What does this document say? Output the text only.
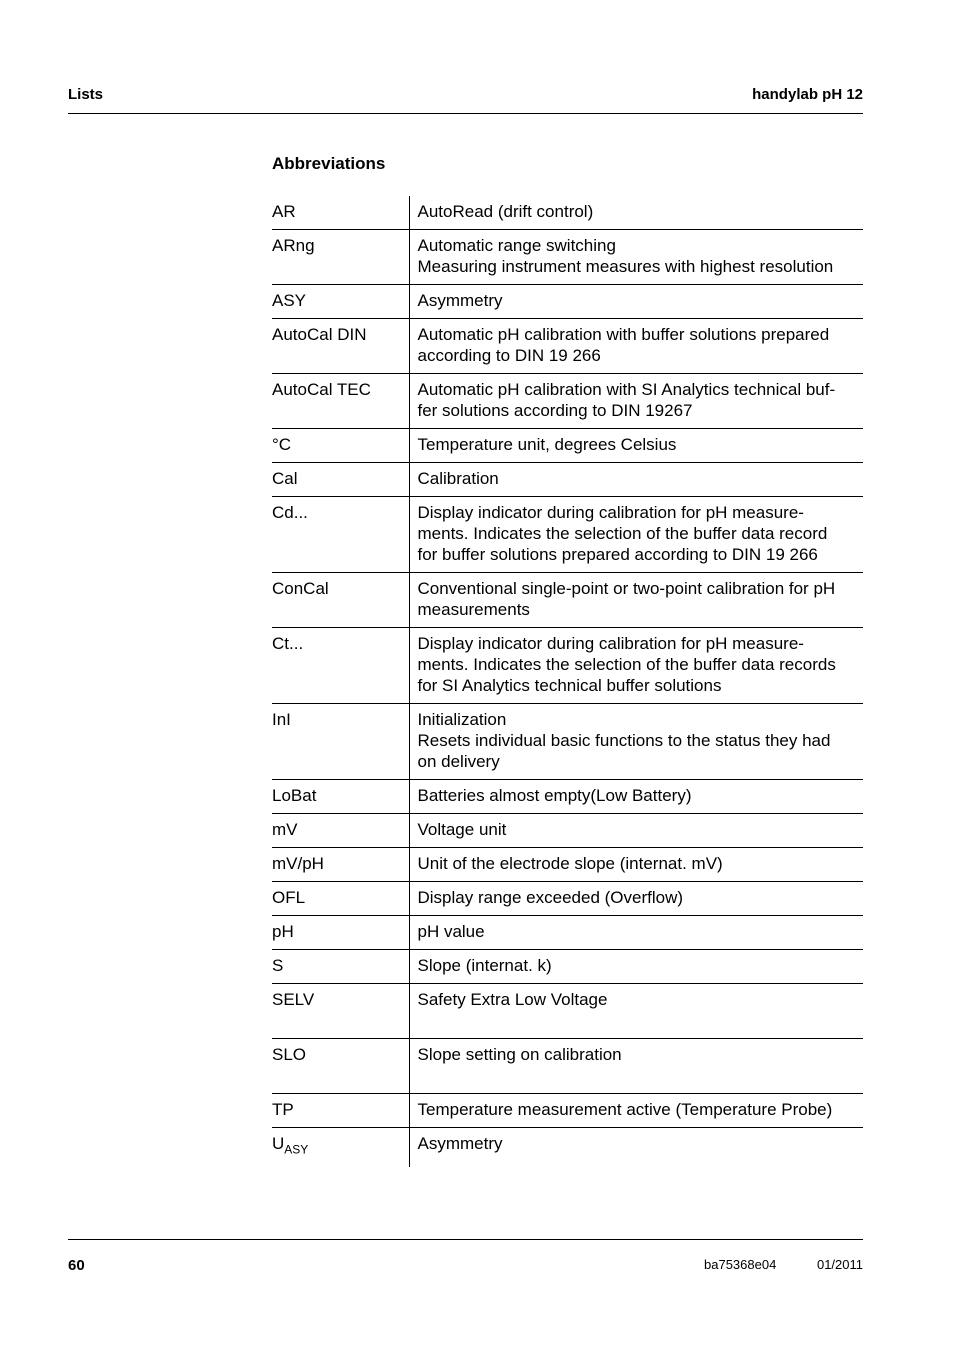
Lists	handylab pH 12
Abbreviations
AR	AutoRead (drift control)

ARng	Automatic range switching
Measuring instrument measures with highest resolution

ASY	Asymmetry

AutoCal DIN	Automatic pH calibration with buffer solutions prepared
according to DIN 19 266

AutoCal TEC	Automatic pH calibration with SI Analytics technical buf-
fer solutions according to DIN 19267

°C	Temperature unit, degrees Celsius

Cal	Calibration

Cd...	Display indicator during calibration for pH measure-
ments. Indicates the selection of the buffer data record
for buffer solutions prepared according to DIN 19 266

ConCal	Conventional single-point or two-point calibration for pH
measurements

Ct...	Display indicator during calibration for pH measure-
ments. Indicates the selection of the buffer data records
for SI Analytics technical buffer solutions

InI	Initialization
Resets individual basic functions to the status they had
on delivery

LoBat	Batteries almost empty(Low Battery)

mV	Voltage unit

mV/pH	Unit of the electrode slope (internat. mV)

OFL	Display range exceeded (Overflow)

pH	pH value

S	Slope (internat. k)

SELV	Safety Extra Low Voltage

SLO	Slope setting on calibration

TP	Temperature measurement active (Temperature Probe)

$U_{ASY}$	Asymmetry
60	ba75368e04	01/2011
